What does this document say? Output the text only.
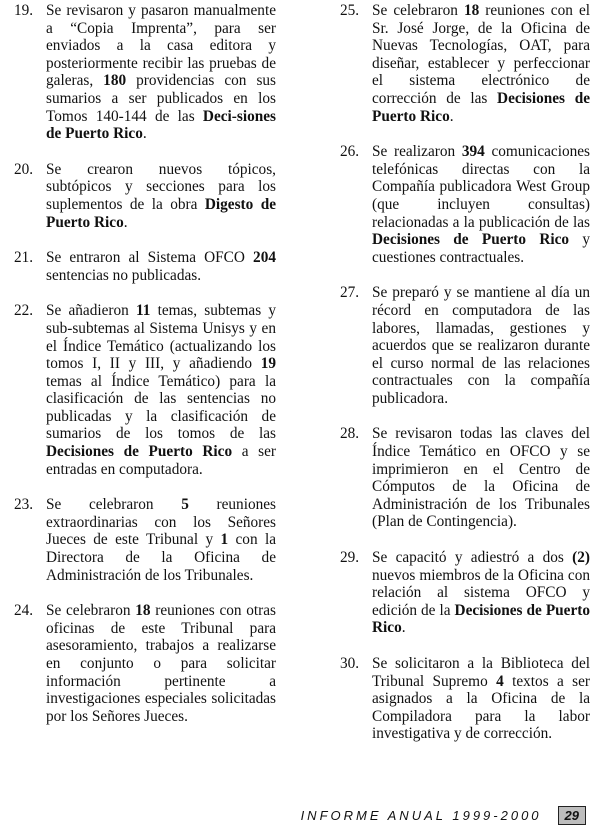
19. Se revisaron y pasaron manualmente a “Copia Imprenta”, para ser enviados a la casa editora y posteriormente recibir las pruebas de galeras, 180 providencias con sus sumarios a ser publicados en los Tomos 140-144 de las Deci-siones de Puerto Rico.
20. Se crearon nuevos tópicos, subtópicos y secciones para los suplementos de la obra Digesto de Puerto Rico.
21. Se entraron al Sistema OFCO 204 sentencias no publicadas.
22. Se añadieron 11 temas, subtemas y sub-subtemas al Sistema Unisys y en el Índice Temático (actualizando los tomos I, II y III, y añadiendo 19 temas al Índice Temático) para la clasificación de las sentencias no publicadas y la clasificación de sumarios de los tomos de las Decisiones de Puerto Rico a ser entradas en computadora.
23. Se celebraron 5 reuniones extraordinarias con los Señores Jueces de este Tribunal y 1 con la Directora de la Oficina de Administración de los Tribunales.
24. Se celebraron 18 reuniones con otras oficinas de este Tribunal para asesoramiento, trabajos a realizarse en conjunto o para solicitar información pertinente a investigaciones especiales solicitadas por los Señores Jueces.
25. Se celebraron 18 reuniones con el Sr. José Jorge, de la Oficina de Nuevas Tecnologías, OAT, para diseñar, establecer y perfeccionar el sistema electrónico de corrección de las Decisiones de Puerto Rico.
26. Se realizaron 394 comunicaciones telefónicas directas con la Compañía publicadora West Group (que incluyen consultas) relacionadas a la publicación de las Decisiones de Puerto Rico y cuestiones contractuales.
27. Se preparó y se mantiene al día un récord en computadora de las labores, llamadas, gestiones y acuerdos que se realizaron durante el curso normal de las relaciones contractuales con la compañía publicadora.
28. Se revisaron todas las claves del Índice Temático en OFCO y se imprimieron en el Centro de Cómputos de la Oficina de Administración de los Tribunales (Plan de Contingencia).
29. Se capacitó y adiestró a dos (2) nuevos miembros de la Oficina con relación al sistema OFCO y edición de la Decisiones de Puerto Rico.
30. Se solicitaron a la Biblioteca del Tribunal Supremo 4 textos a ser asignados a la Oficina de la Compiladora para la labor investigativa y de corrección.
INFORME ANUAL 1999-2000	29
